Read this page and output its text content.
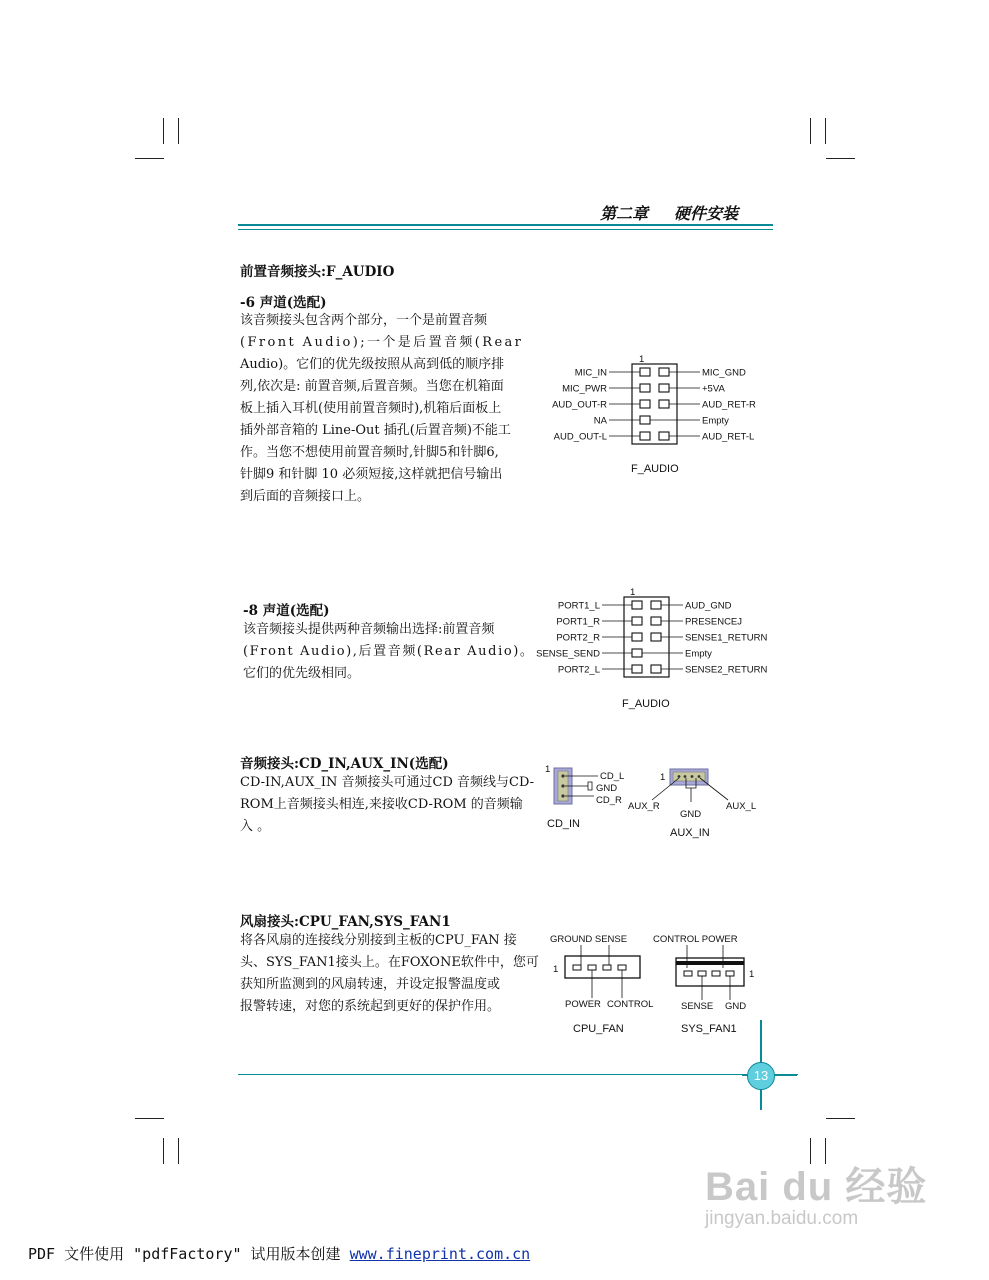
第二章 硬件安装
前置音频接头:F_AUDIO
-6 声道(选配)
该音频接头包含两个部分，一个是前置音频
(Front Audio);一个是后置音频(Rear
Audio)。它们的优先级按照从高到低的顺序排
列,依次是: 前置音频,后置音频。当您在机箱面
板上插入耳机(使用前置音频时),机箱后面板上
插外部音箱的 Line-Out 插孔(后置音频)不能工
作。当您不想使用前置音频时,针脚5和针脚6,
针脚9 和针脚 10 必须短接,这样就把信号输出
到后面的音频接口上。
1
MIC_IN	MIC_GND
MIC_PWR	+5VA
AUD_OUT-R	AUD_RET-R
NA	Empty
AUD_OUT-L	AUD_RET-L
F_AUDIO
-8 声道(选配)
该音频接头提供两种音频输出选择:前置音频
(Front Audio),后置音频(Rear Audio)。
它们的优先级相同。
1
PORT1_L	AUD_GND
PORT1_R	PRESENCEJ
PORT2_R	SENSE1_RETURN
SENSE_SEND	Empty
PORT2_L	SENSE2_RETURN
F_AUDIO
音频接头:CD_IN,AUX_IN(选配)
CD-IN,AUX_IN 音频接头可通过CD 音频线与CD-
ROM上音频接头相连,来接收CD-ROM 的音频输
入 。
1
CD_L
GND
CD_R
CD_IN
1
AUX_R
GND
AUX_L
AUX_IN
风扇接头:CPU_FAN,SYS_FAN1
将各风扇的连接线分别接到主板的CPU_FAN 接
头、SYS_FAN1接头上。在FOXONE软件中，您可
获知所监测到的风扇转速，并设定报警温度或
报警转速，对您的系统起到更好的保护作用。
GROUND SENSE
1
POWER CONTROL
CPU_FAN
CONTROL POWER
1
SENSE GND
SYS_FAN1
13
Bai du 经验
jingyan.baidu.com
PDF 文件使用 "pdfFactory" 试用版本创建 www.fineprint.com.cn
